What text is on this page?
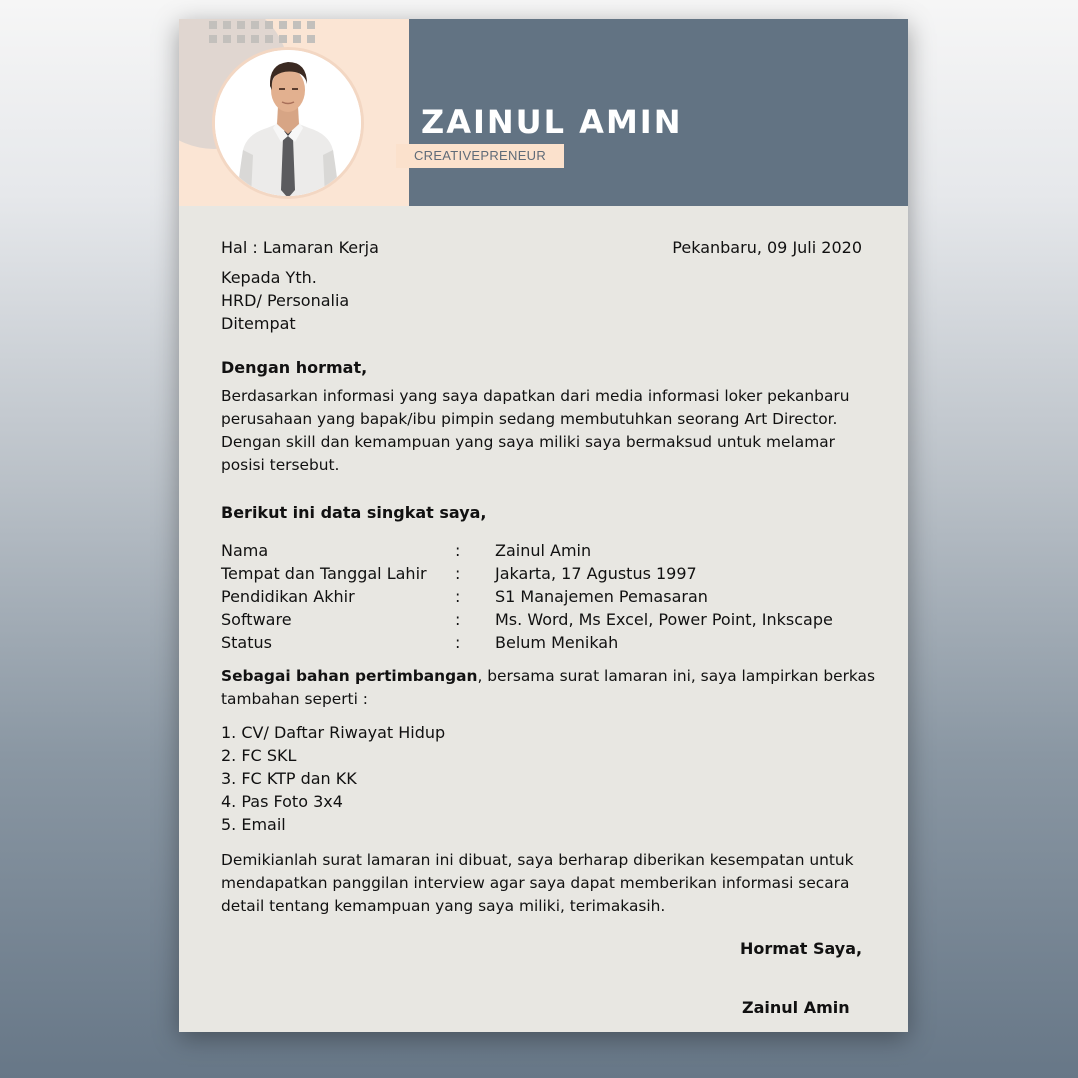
ZAINUL AMIN
CREATIVEPRENEUR
Hal : Lamaran Kerja	Pekanbaru, 09 Juli 2020
Kepada Yth.
HRD/ Personalia
Ditempat
Dengan hormat,
Berdasarkan informasi yang saya dapatkan dari media informasi loker pekanbaru perusahaan yang bapak/ibu pimpin sedang membutuhkan seorang Art Director. Dengan skill dan kemampuan yang saya miliki saya bermaksud untuk melamar posisi tersebut.
Berikut ini data singkat saya,
Nama	:	Zainul Amin
Tempat dan Tanggal Lahir	:	Jakarta, 17 Agustus 1997
Pendidikan Akhir	:	S1 Manajemen Pemasaran
Software	:	Ms. Word, Ms Excel, Power Point, Inkscape
Status	:	Belum Menikah
Sebagai bahan pertimbangan, bersama surat lamaran ini, saya lampirkan berkas tambahan seperti :
1. CV/ Daftar Riwayat Hidup
2. FC SKL
3. FC KTP dan KK
4. Pas Foto 3x4
5. Email
Demikianlah surat lamaran ini dibuat, saya berharap diberikan kesempatan untuk mendapatkan panggilan interview agar saya dapat memberikan informasi secara detail tentang kemampuan yang saya miliki, terimakasih.
Hormat Saya,
Zainul Amin
